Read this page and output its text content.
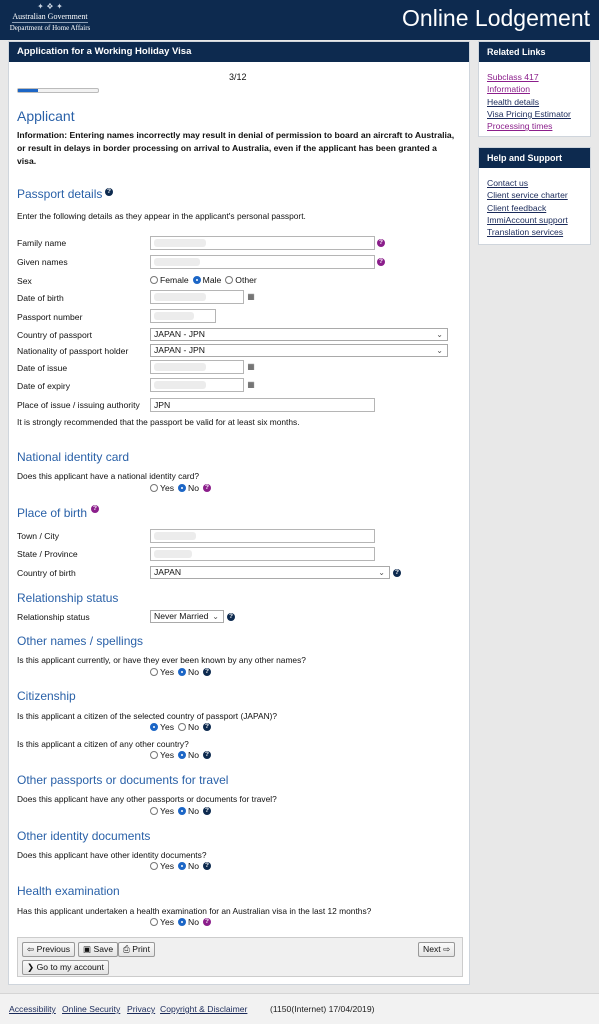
✦ ❖ ✦
Australian Government
Department of Home Affairs	Online Lodgement
Application for a Working Holiday Visa
3/12
Applicant
Information: Entering names incorrectly may result in denial of permission to board an aircraft to Australia, or result in delays in border processing on arrival to Australia, even if the applicant has been granted a visa.
Passport details ?
Enter the following details as they appear in the applicant's personal passport.
Family name	?
Given names	?
Sex	Female Male Other
Date of birth	▦
Passport number
Country of passport	JAPAN - JPN	⌄
Nationality of passport holder	JAPAN - JPN	⌄
Date of issue	▦
Date of expiry	▦
Place of issue / issuing authority	JPN
It is strongly recommended that the passport be valid for at least six months.
National identity card
Does this applicant have a national identity card?
Yes No ?
Place of birth ?
Town / City
State / Province
Country of birth	JAPAN	⌄	?
Relationship status
Relationship status	Never Married ⌄	?
Other names / spellings
Is this applicant currently, or have they ever been known by any other names?
Yes No ?
Citizenship
Is this applicant a citizen of the selected country of passport (JAPAN)?
Yes No ?
Is this applicant a citizen of any other country?
Yes No ?
Other passports or documents for travel
Does this applicant have any other passports or documents for travel?
Yes No ?
Other identity documents
Does this applicant have other identity documents?
Yes No ?
Health examination
Has this applicant undertaken a health examination for an Australian visa in the last 12 months?
Yes No ?
⇦ Previous	▣ Save	⎙ Print	Next ⇨
❯ Go to my account
Related Links
Subclass 417
Information
Health details
Visa Pricing Estimator
Processing times
Help and Support
Contact us
Client service charter
Client feedback
ImmiAccount support
Translation services
Accessibility Online Security Privacy Copyright & Disclaimer	(1150(Internet) 17/04/2019)
